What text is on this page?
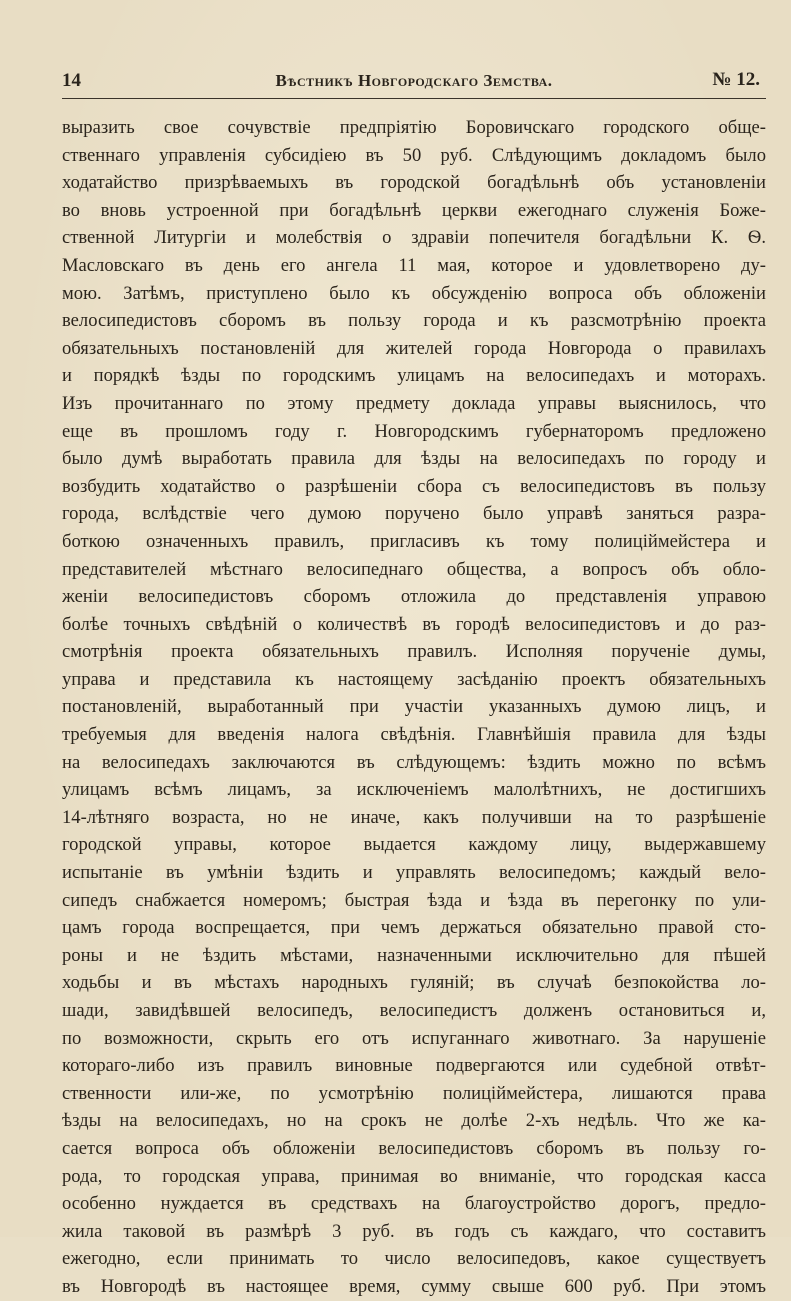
14	Вѣстникъ Новгородскаго Земства.	№ 12.
выразить свое сочувствіе предпріятію Боровичскаго городского обще-
ственнаго управленія субсидіею въ 50 руб. Слѣдующимъ докладомъ было
ходатайство призрѣваемыхъ въ городской богадѣльнѣ объ установленіи
во вновь устроенной при богадѣльнѣ церкви ежегоднаго служенія Боже-
ственной Литургіи и молебствія о здравіи попечителя богадѣльни К. Ѳ.
Масловскаго въ день его ангела 11 мая, которое и удовлетворено ду-
мою. Затѣмъ, приступлено было къ обсужденію вопроса объ обложеніи
велосипедистовъ сборомъ въ пользу города и къ разсмотрѣнію проекта
обязательныхъ постановленій для жителей города Новгорода о правилахъ
и порядкѣ ѣзды по городскимъ улицамъ на велосипедахъ и моторахъ.
Изъ прочитаннаго по этому предмету доклада управы выяснилось, что
еще въ прошломъ году г. Новгородскимъ губернаторомъ предложено
было думѣ выработать правила для ѣзды на велосипедахъ по городу и
возбудить ходатайство о разрѣшеніи сбора съ велосипедистовъ въ пользу
города, вслѣдствіе чего думою поручено было управѣ заняться разра-
боткою означенныхъ правилъ, пригласивъ къ тому полиціймейстера и
представителей мѣстнаго велосипеднаго общества, а вопросъ объ обло-
женіи велосипедистовъ сборомъ отложила до представленія управою
болѣе точныхъ свѣдѣній о количествѣ въ городѣ велосипедистовъ и до раз-
смотрѣнія проекта обязательныхъ правилъ. Исполняя порученіе думы,
управа и представила къ настоящему засѣданію проектъ обязательныхъ
постановленій, выработанный при участіи указанныхъ думою лицъ, и
требуемыя для введенія налога свѣдѣнія. Главнѣйшія правила для ѣзды
на велосипедахъ заключаются въ слѣдующемъ: ѣздить можно по всѣмъ
улицамъ всѣмъ лицамъ, за исключеніемъ малолѣтнихъ, не достигшихъ
14-лѣтняго возраста, но не иначе, какъ получивши на то разрѣшеніе
городской управы, которое выдается каждому лицу, выдержавшему
испытаніе въ умѣніи ѣздить и управлять велосипедомъ; каждый вело-
сипедъ снабжается номеромъ; быстрая ѣзда и ѣзда въ перегонку по ули-
цамъ города воспрещается, при чемъ держаться обязательно правой сто-
роны и не ѣздить мѣстами, назначенными исключительно для пѣшей
ходьбы и въ мѣстахъ народныхъ гуляній; въ случаѣ безпокойства ло-
шади, завидѣвшей велосипедъ, велосипедистъ долженъ остановиться и,
по возможности, скрыть его отъ испуганнаго животнаго. За нарушеніе
котораго-либо изъ правилъ виновные подвергаются или судебной отвѣт-
ственности или-же, по усмотрѣнію полиціймейстера, лишаются права
ѣзды на велосипедахъ, но на срокъ не долѣе 2-хъ недѣль. Что же ка-
сается вопроса объ обложеніи велосипедистовъ сборомъ въ пользу го-
рода, то городская управа, принимая во вниманіе, что городская касса
особенно нуждается въ средствахъ на благоустройство дорогъ, предло-
жила таковой въ размѣрѣ 3 руб. въ годъ съ каждаго, что составитъ
ежегодно, если принимать то число велосипедовъ, какое существуетъ
въ Новгородѣ въ настоящее время, сумму свыше 600 руб. При этомъ
